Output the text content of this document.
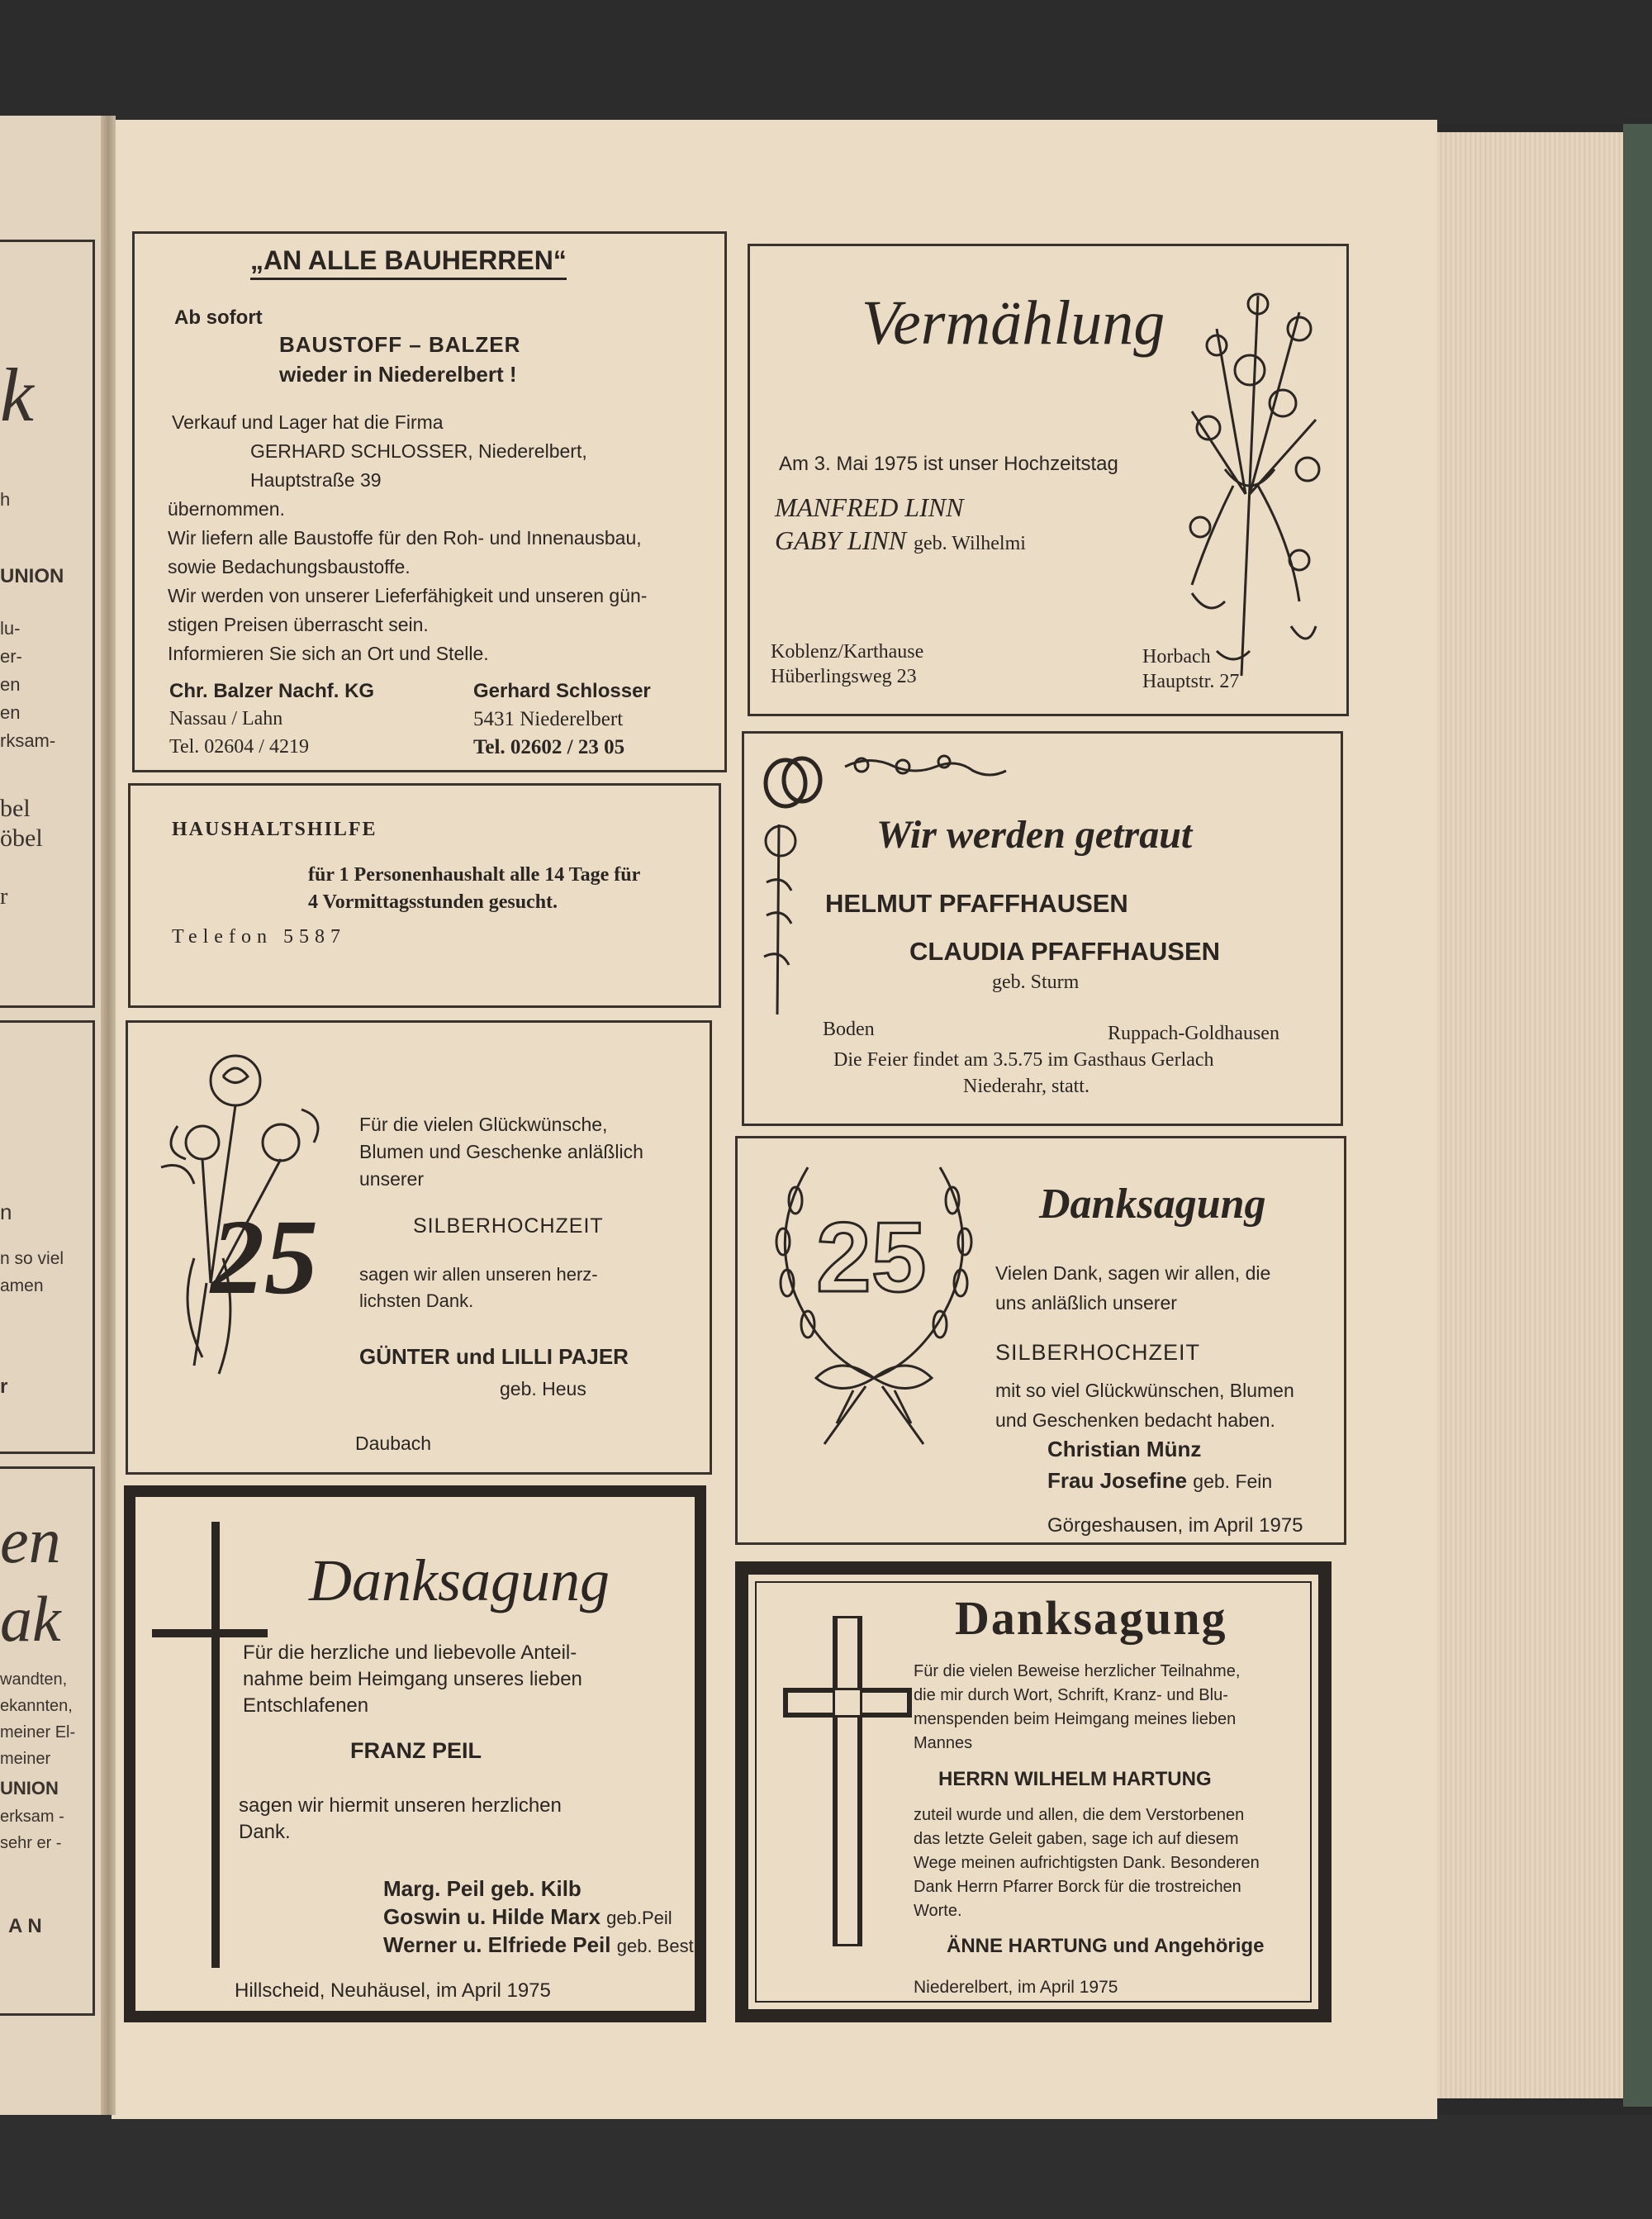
k
h
UNION
lu-
er-
en
en
rksam-
bel
öbel
r
n
n so viel
amen
r
en
ak
wandten,
ekannten,
meiner El-
meiner
UNION
erksam -
sehr er -
AN
„AN ALLE BAUHERREN“
Ab sofort
BAUSTOFF – BALZER
wieder in Niederelbert !
Verkauf und Lager hat die Firma
GERHARD SCHLOSSER, Niederelbert,
Hauptstraße 39
übernommen.
Wir liefern alle Baustoffe für den Roh- und Innenausbau,
sowie Bedachungsbaustoffe.
Wir werden von unserer Lieferfähigkeit und unseren gün-
stigen Preisen überrascht sein.
Informieren Sie sich an Ort und Stelle.
Chr. Balzer Nachf. KG
Nassau / Lahn
Tel. 02604 / 4219
Gerhard Schlosser
5431 Niederelbert
Tel. 02602 / 23 05
HAUSHALTSHILFE
für 1 Personenhaushalt alle 14 Tage für
4 Vormittagsstunden gesucht.
Telefon 5587
25
Für die vielen Glückwünsche,
Blumen und Geschenke anläßlich
unserer
SILBERHOCHZEIT
sagen wir allen unseren herz-
lichsten Dank.
GÜNTER und LILLI PAJER
geb. Heus
Daubach
Danksagung
Für die herzliche und liebevolle Anteil-
nahme beim Heimgang unseres lieben
Entschlafenen
FRANZ PEIL
sagen wir hiermit unseren herzlichen
Dank.
Marg. Peil geb. Kilb
Goswin u. Hilde Marx geb.Peil
Werner u. Elfriede Peil geb. Best
Hillscheid, Neuhäusel, im April 1975
Vermählung
Am 3. Mai 1975 ist unser Hochzeitstag
MANFRED LINN
GABY LINN geb. Wilhelmi
Koblenz/Karthause
Hüberlingsweg 23
Horbach
Hauptstr. 27
Wir werden getraut
HELMUT PFAFFHAUSEN
CLAUDIA PFAFFHAUSEN
geb. Sturm
Boden	Ruppach-Goldhausen
Die Feier findet am 3.5.75 im Gasthaus Gerlach
Niederahr, statt.
25	Danksagung
Vielen Dank, sagen wir allen, die
uns anläßlich unserer
SILBERHOCHZEIT
mit so viel Glückwünschen, Blumen
und Geschenken bedacht haben.
Christian Münz
Frau Josefine geb. Fein
Görgeshausen, im April 1975
Danksagung
Für die vielen Beweise herzlicher Teilnahme,
die mir durch Wort, Schrift, Kranz- und Blu-
menspenden beim Heimgang meines lieben
Mannes
HERRN WILHELM HARTUNG
zuteil wurde und allen, die dem Verstorbenen
das letzte Geleit gaben, sage ich auf diesem
Wege meinen aufrichtigsten Dank. Besonderen
Dank Herrn Pfarrer Borck für die trostreichen
Worte.
ÄNNE HARTUNG und Angehörige
Niederelbert, im April 1975
